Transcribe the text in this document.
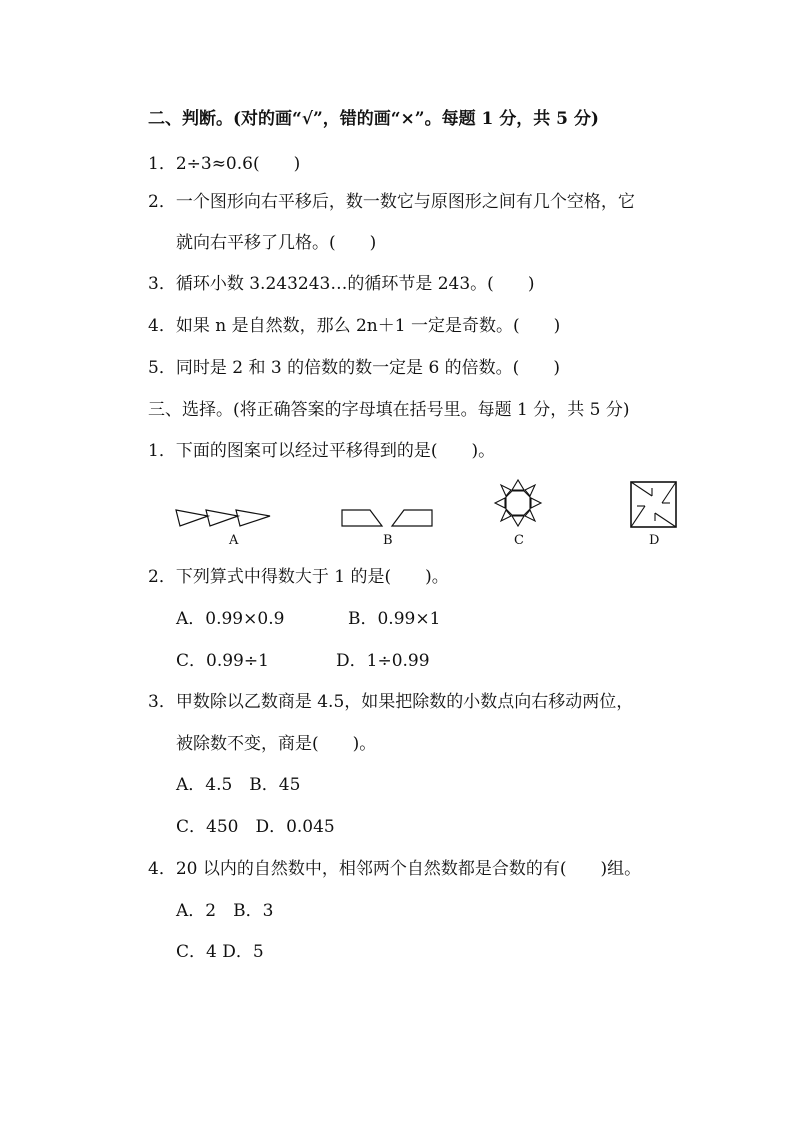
二、判断。(对的画“√”，错的画“×”。每题 1 分，共 5 分)
1．2÷3≈0.6(　　)
2．一个图形向右平移后，数一数它与原图形之间有几个空格，它
就向右平移了几格。(　　)
3．循环小数 3.243243…的循环节是 243。(　　)
4．如果 n 是自然数，那么 2n＋1 一定是奇数。(　　)
5．同时是 2 和 3 的倍数的数一定是 6 的倍数。(　　)
三、选择。(将正确答案的字母填在括号里。每题 1 分，共 5 分)
1．下面的图案可以经过平移得到的是(　　)。
A	B	C	D
2．下列算式中得数大于 1 的是(　　)。
A．0.99×0.9	B．0.99×1
C．0.99÷1	D．1÷0.99
3．甲数除以乙数商是 4.5，如果把除数的小数点向右移动两位，
被除数不变，商是(　　)。
A．4.5　B．45
C．450　D．0.045
4．20 以内的自然数中，相邻两个自然数都是合数的有(　　)组。
A．2　B．3
C．4 D．5
